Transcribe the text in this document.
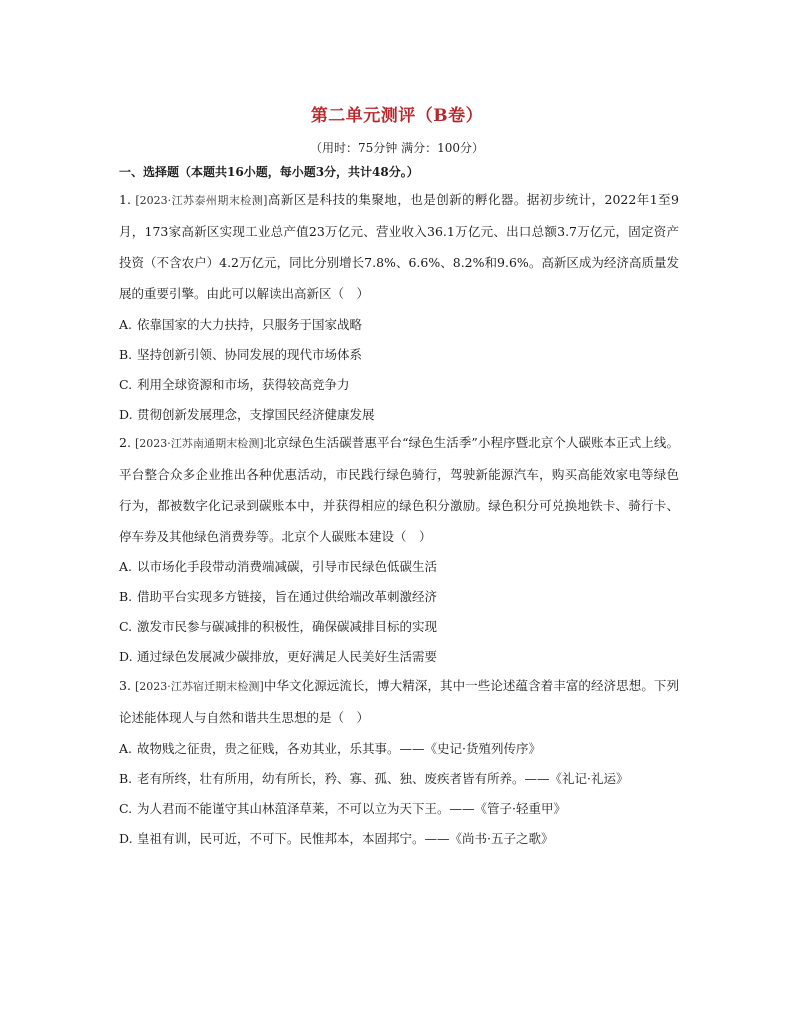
第二单元测评（B卷）
（用时：75分钟 满分：100分）
一、选择题（本题共16小题，每小题3分，共计48分。）
1. [2023·江苏泰州期末检测]高新区是科技的集聚地，也是创新的孵化器。据初步统计，2022年1至9月，173家高新区实现工业总产值23万亿元、营业收入36.1万亿元、出口总额3.7万亿元，固定资产投资（不含农户）4.2万亿元，同比分别增长7.8%、6.6%、8.2%和9.6%。高新区成为经济高质量发展的重要引擎。由此可以解读出高新区（　）
A. 依靠国家的大力扶持，只服务于国家战略
B. 坚持创新引领、协同发展的现代市场体系
C. 利用全球资源和市场，获得较高竞争力
D. 贯彻创新发展理念，支撑国民经济健康发展
2. [2023·江苏南通期末检测]北京绿色生活碳普惠平台“绿色生活季”小程序暨北京个人碳账本正式上线。平台整合众多企业推出各种优惠活动，市民践行绿色骑行，驾驶新能源汽车，购买高能效家电等绿色行为，都被数字化记录到碳账本中，并获得相应的绿色积分激励。绿色积分可兑换地铁卡、骑行卡、停车券及其他绿色消费券等。北京个人碳账本建设（　）
A. 以市场化手段带动消费端减碳，引导市民绿色低碳生活
B. 借助平台实现多方链接，旨在通过供给端改革刺激经济
C. 激发市民参与碳减排的积极性，确保碳减排目标的实现
D. 通过绿色发展减少碳排放，更好满足人民美好生活需要
3. [2023·江苏宿迁期末检测]中华文化源远流长，博大精深，其中一些论述蕴含着丰富的经济思想。下列论述能体现人与自然和谐共生思想的是（　）
A. 故物贱之征贵，贵之征贱，各劝其业，乐其事。——《史记·货殖列传序》
B. 老有所终，壮有所用，幼有所长，矜、寡、孤、独、废疾者皆有所养。——《礼记·礼运》
C. 为人君而不能谨守其山林菹泽草莱，不可以立为天下王。——《管子·轻重甲》
D. 皇祖有训，民可近，不可下。民惟邦本，本固邦宁。——《尚书·五子之歌》
